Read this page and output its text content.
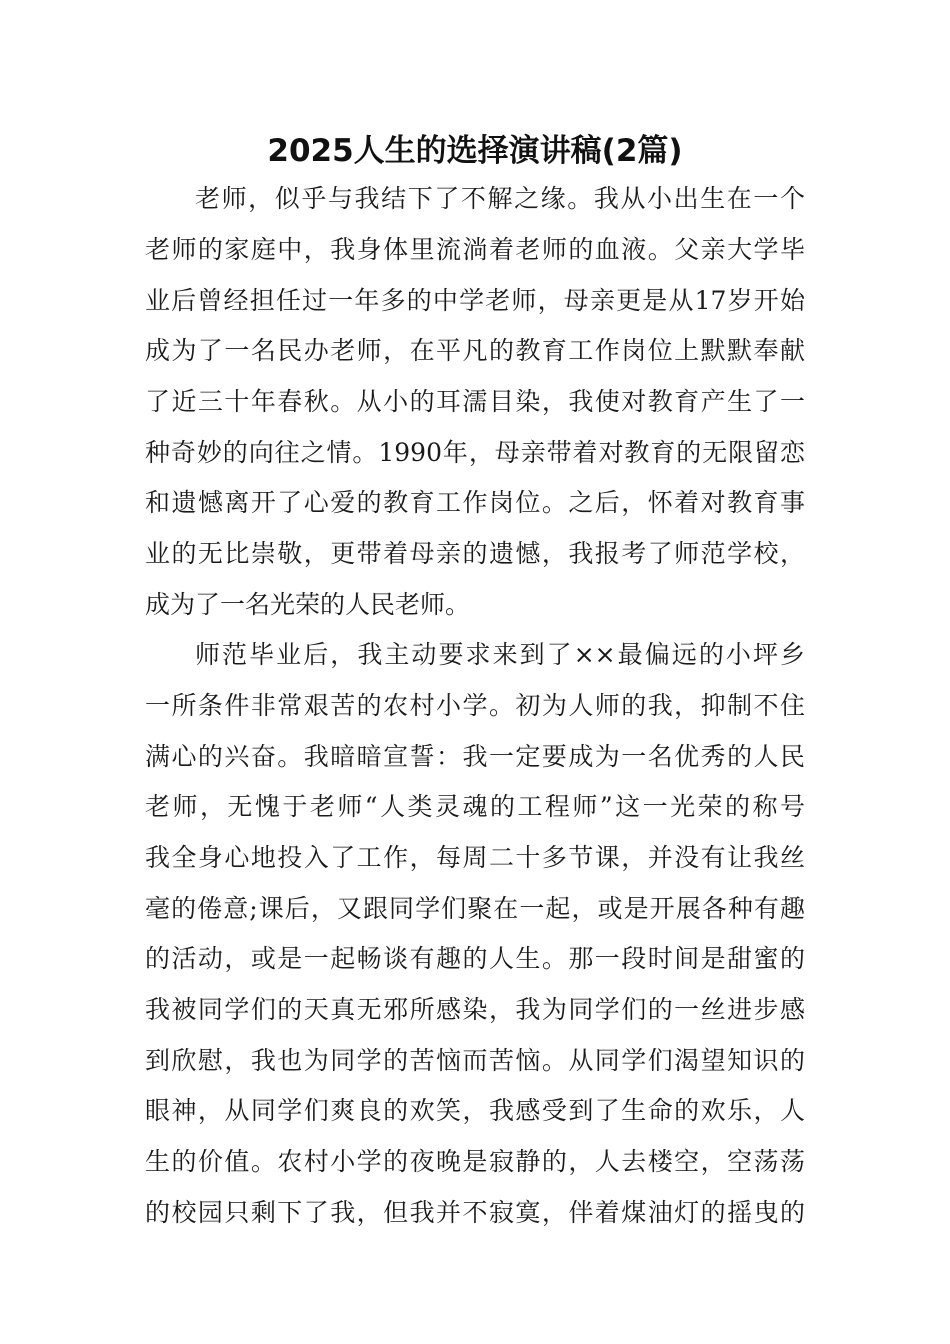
2025人生的选择演讲稿(2篇)

老师，似乎与我结下了不解之缘。我从小出生在一个

老师的家庭中，我身体里流淌着老师的血液。父亲大学毕

业后曾经担任过一年多的中学老师，母亲更是从17岁开始

成为了一名民办老师，在平凡的教育工作岗位上默默奉献

了近三十年春秋。从小的耳濡目染，我使对教育产生了一

种奇妙的向往之情。1990年，母亲带着对教育的无限留恋

和遗憾离开了心爱的教育工作岗位。之后，怀着对教育事

业的无比崇敬，更带着母亲的遗憾，我报考了师范学校，

成为了一名光荣的人民老师。

师范毕业后，我主动要求来到了××最偏远的小坪乡

一所条件非常艰苦的农村小学。初为人师的我，抑制不住

满心的兴奋。我暗暗宣誓：我一定要成为一名优秀的人民

老师，无愧于老师“人类灵魂的工程师”这一光荣的称号

我全身心地投入了工作，每周二十多节课，并没有让我丝

毫的倦意;课后，又跟同学们聚在一起，或是开展各种有趣

的活动，或是一起畅谈有趣的人生。那一段时间是甜蜜的

我被同学们的天真无邪所感染，我为同学们的一丝进步感

到欣慰，我也为同学的苦恼而苦恼。从同学们渴望知识的

眼神，从同学们爽良的欢笑，我感受到了生命的欢乐，人

生的价值。农村小学的夜晚是寂静的，人去楼空，空荡荡

的校园只剩下了我，但我并不寂寞，伴着煤油灯的摇曳的
